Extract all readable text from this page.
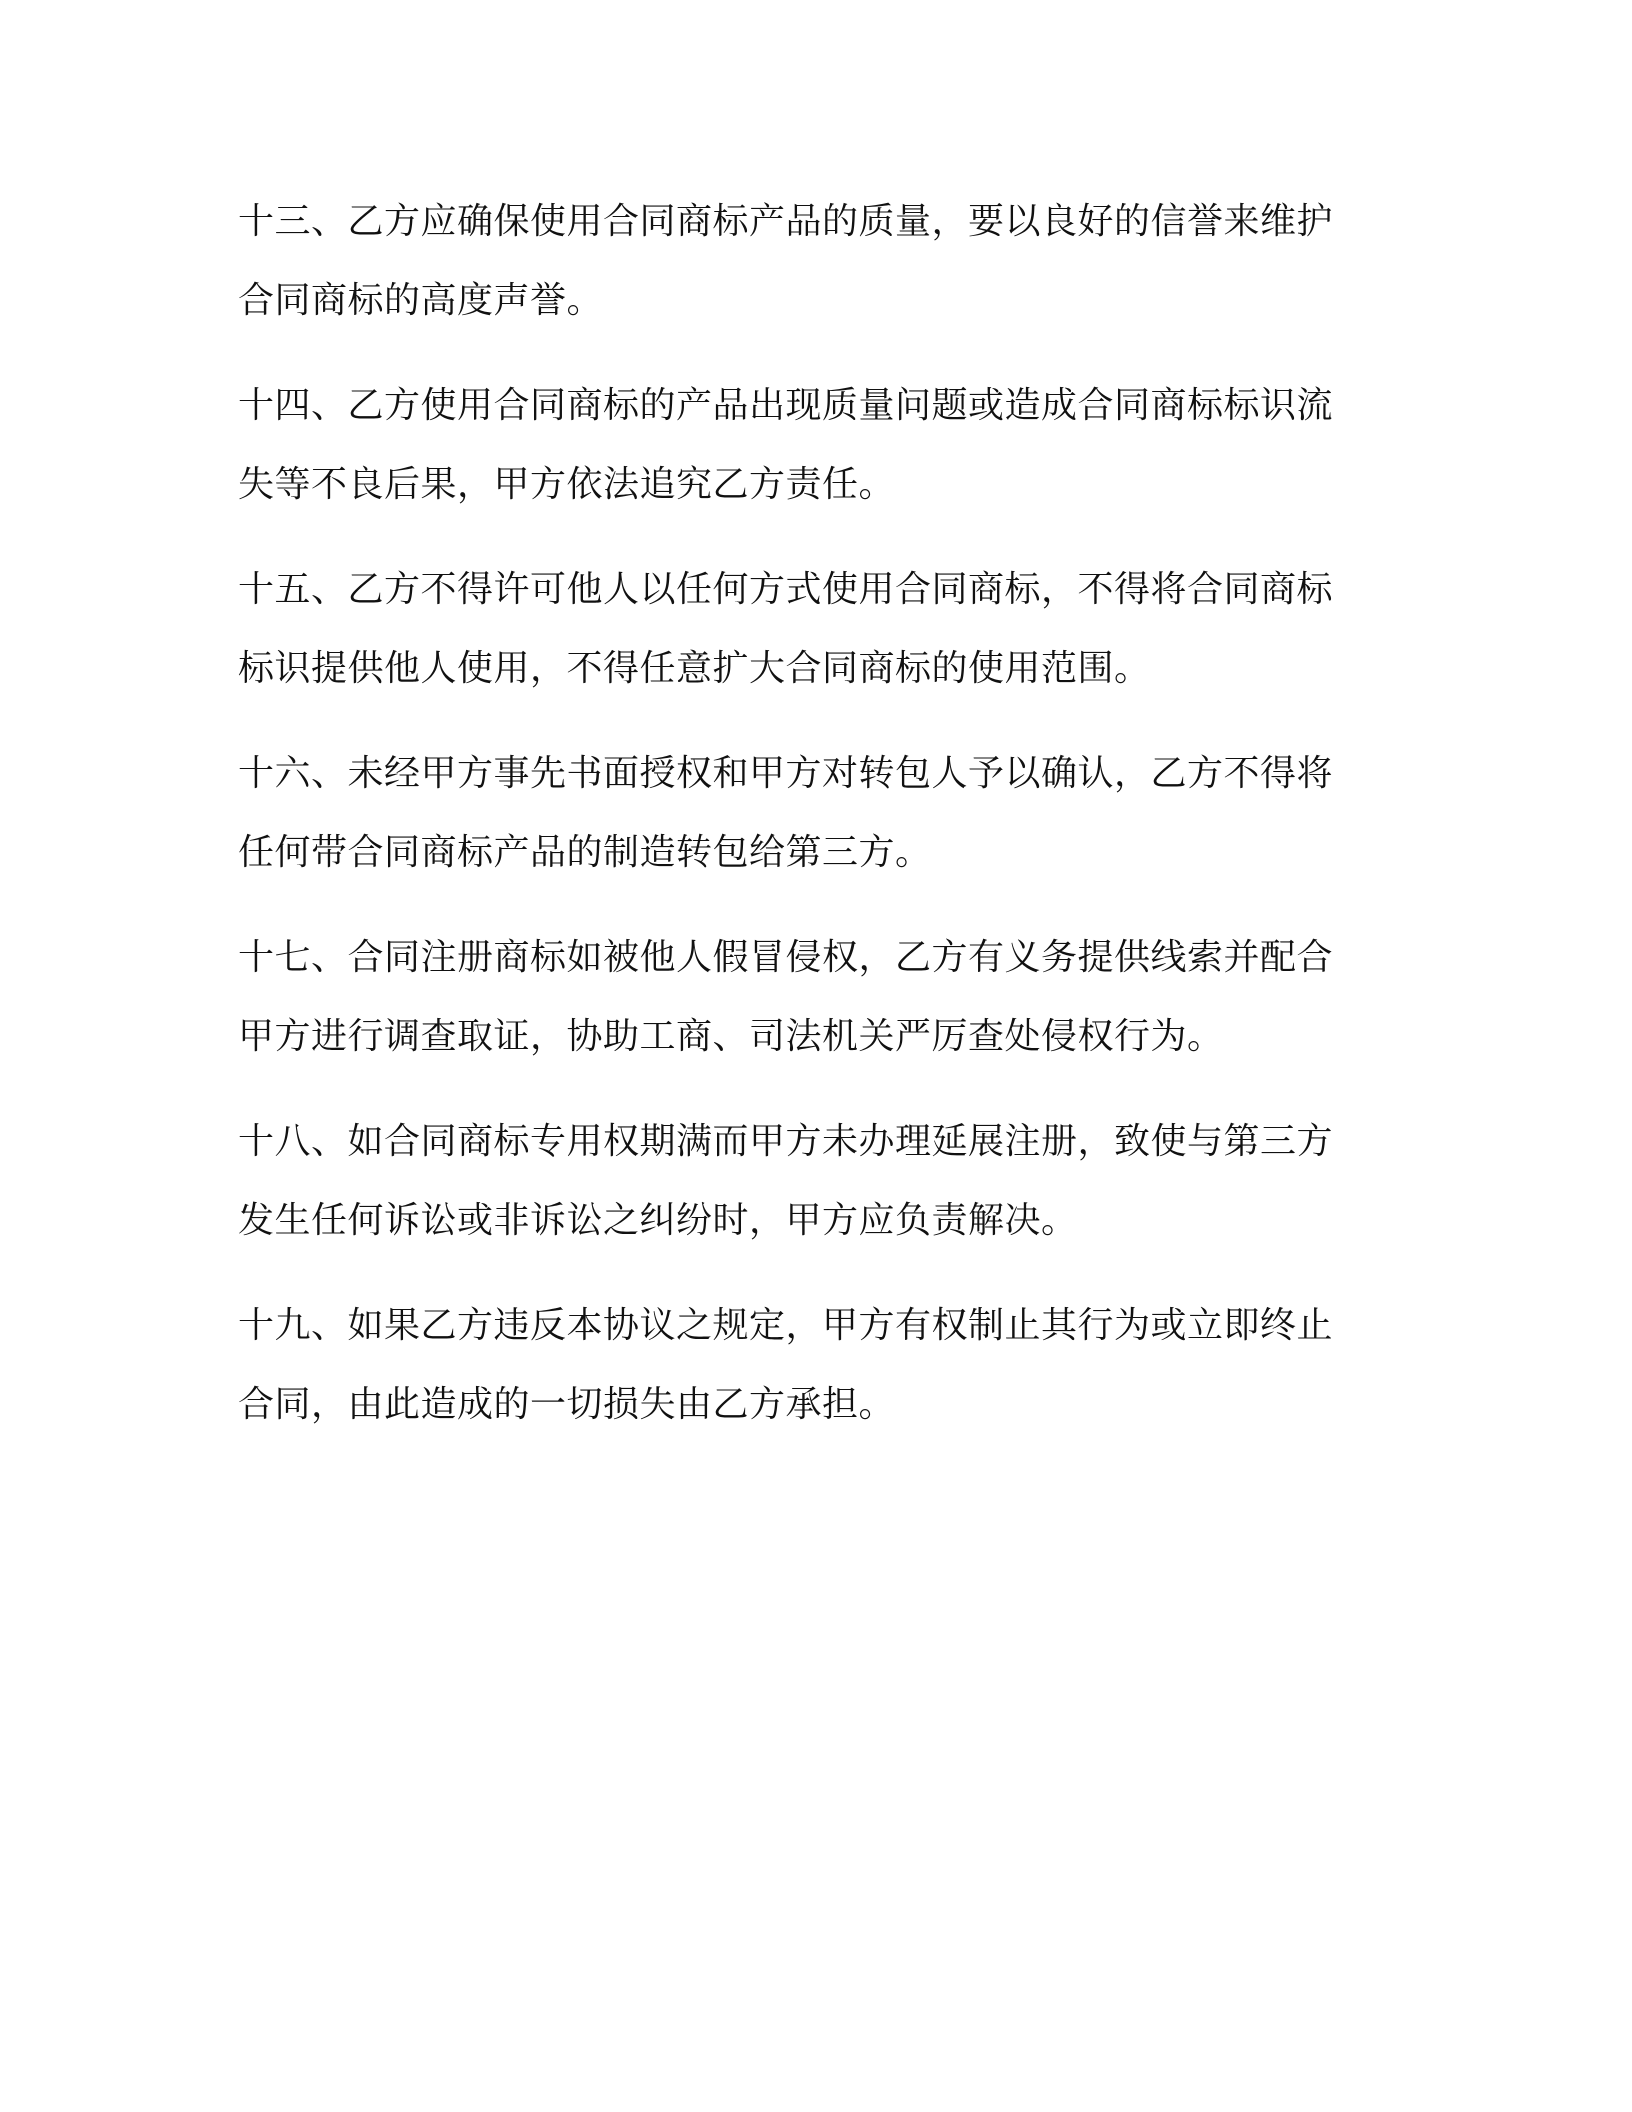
十三、乙方应确保使用合同商标产品的质量，要以良好的信誉来维护合同商标的高度声誉。

十四、乙方使用合同商标的产品出现质量问题或造成合同商标标识流失等不良后果，甲方依法追究乙方责任。

十五、乙方不得许可他人以任何方式使用合同商标，不得将合同商标标识提供他人使用，不得任意扩大合同商标的使用范围。

十六、未经甲方事先书面授权和甲方对转包人予以确认，乙方不得将任何带合同商标产品的制造转包给第三方。

十七、合同注册商标如被他人假冒侵权，乙方有义务提供线索并配合甲方进行调查取证，协助工商、司法机关严厉查处侵权行为。

十八、如合同商标专用权期满而甲方未办理延展注册，致使与第三方发生任何诉讼或非诉讼之纠纷时，甲方应负责解决。

十九、如果乙方违反本协议之规定，甲方有权制止其行为或立即终止合同，由此造成的一切损失由乙方承担。
